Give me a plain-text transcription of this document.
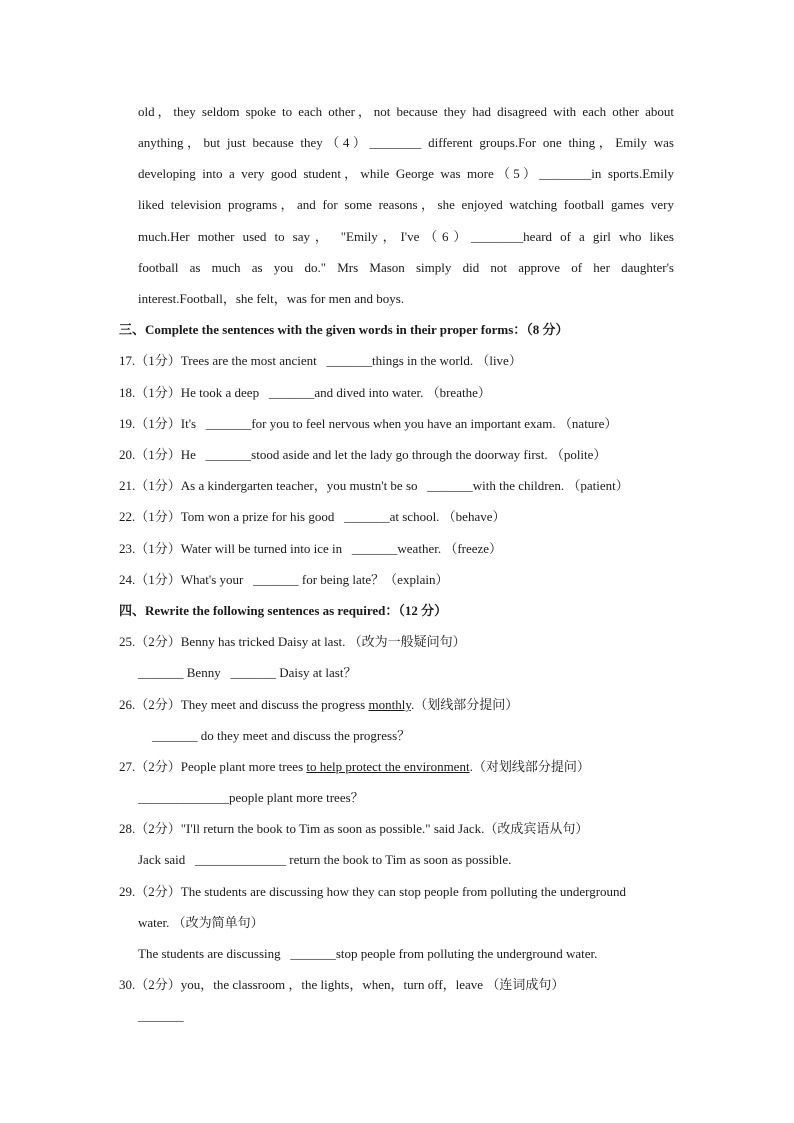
old，they seldom spoke to each other，not because they had disagreed with each other about
anything，but just because they（4）________ different groups.For one thing，Emily was
developing into a very good student，while George was more（5）________in sports.Emily
liked television programs，and for some reasons，she enjoyed watching football games very
much.Her mother used to say， "Emily，I've（6）________heard of a girl who likes
football as much as you do." Mrs Mason simply did not approve of her daughter's
interest.Football，she felt，was for men and boys.
三、Complete the sentences with the given words in their proper forms：（8 分）
17.（1分）Trees are the most ancient   _______things in the world. （live）
18.（1分）He took a deep   _______and dived into water. （breathe）
19.（1分）It's   _______for you to feel nervous when you have an important exam. （nature）
20.（1分）He   _______stood aside and let the lady go through the doorway first. （polite）
21.（1分）As a kindergarten teacher，you mustn't be so   _______with the children. （patient）
22.（1分）Tom won a prize for his good   _______at school. （behave）
23.（1分）Water will be turned into ice in   _______weather. （freeze）
24.（1分）What's your   _______ for being late？（explain）
四、Rewrite the following sentences as required：（12 分）
25.（2分）Benny has tricked Daisy at last. （改为一般疑问句）
_______ Benny   _______ Daisy at last？
26.（2分）They meet and discuss the progress monthly.（划线部分提问）
_______ do they meet and discuss the progress？
27.（2分）People plant more trees to help protect the environment.（对划线部分提问）
______________people plant more trees？
28.（2分）"I'll return the book to Tim as soon as possible." said Jack.（改成宾语从句）
Jack said   ______________ return the book to Tim as soon as possible.
29.（2分）The students are discussing how they can stop people from polluting the underground
water. （改为简单句）
The students are discussing   _______stop people from polluting the underground water.
30.（2分）you，the classroom ，the lights，when，turn off，leave （连词成句）
_______
